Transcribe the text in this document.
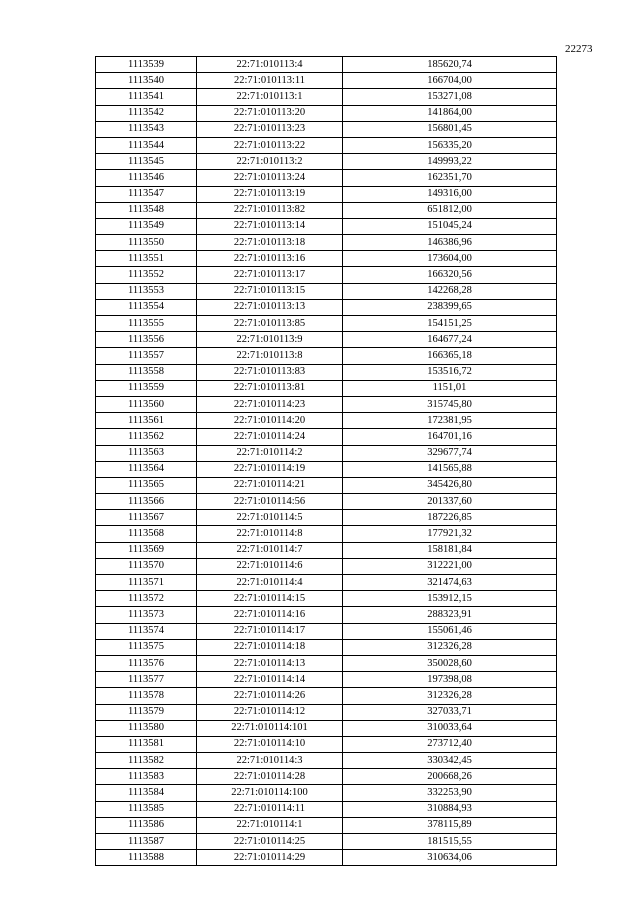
22273
1113539	22:71:010113:4	185620,74
1113540	22:71:010113:11	166704,00
1113541	22:71:010113:1	153271,08
1113542	22:71:010113:20	141864,00
1113543	22:71:010113:23	156801,45
1113544	22:71:010113:22	156335,20
1113545	22:71:010113:2	149993,22
1113546	22:71:010113:24	162351,70
1113547	22:71:010113:19	149316,00
1113548	22:71:010113:82	651812,00
1113549	22:71:010113:14	151045,24
1113550	22:71:010113:18	146386,96
1113551	22:71:010113:16	173604,00
1113552	22:71:010113:17	166320,56
1113553	22:71:010113:15	142268,28
1113554	22:71:010113:13	238399,65
1113555	22:71:010113:85	154151,25
1113556	22:71:010113:9	164677,24
1113557	22:71:010113:8	166365,18
1113558	22:71:010113:83	153516,72
1113559	22:71:010113:81	1151,01
1113560	22:71:010114:23	315745,80
1113561	22:71:010114:20	172381,95
1113562	22:71:010114:24	164701,16
1113563	22:71:010114:2	329677,74
1113564	22:71:010114:19	141565,88
1113565	22:71:010114:21	345426,80
1113566	22:71:010114:56	201337,60
1113567	22:71:010114:5	187226,85
1113568	22:71:010114:8	177921,32
1113569	22:71:010114:7	158181,84
1113570	22:71:010114:6	312221,00
1113571	22:71:010114:4	321474,63
1113572	22:71:010114:15	153912,15
1113573	22:71:010114:16	288323,91
1113574	22:71:010114:17	155061,46
1113575	22:71:010114:18	312326,28
1113576	22:71:010114:13	350028,60
1113577	22:71:010114:14	197398,08
1113578	22:71:010114:26	312326,28
1113579	22:71:010114:12	327033,71
1113580	22:71:010114:101	310033,64
1113581	22:71:010114:10	273712,40
1113582	22:71:010114:3	330342,45
1113583	22:71:010114:28	200668,26
1113584	22:71:010114:100	332253,90
1113585	22:71:010114:11	310884,93
1113586	22:71:010114:1	378115,89
1113587	22:71:010114:25	181515,55
1113588	22:71:010114:29	310634,06
